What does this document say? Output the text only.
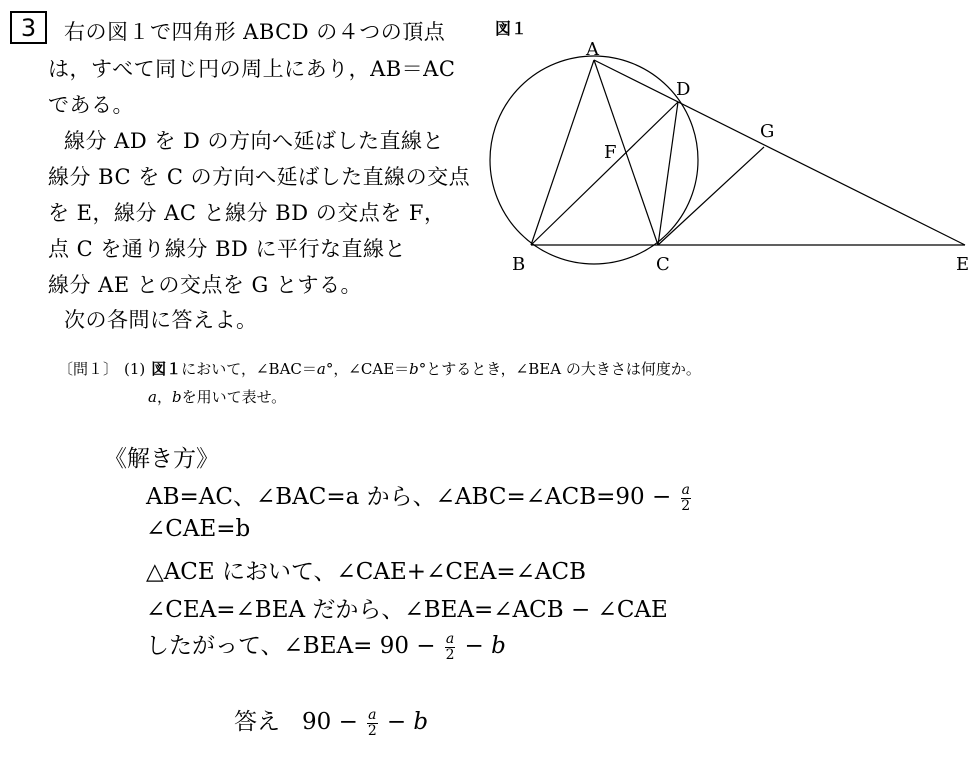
3	右の図１で四角形 ABCD の４つの頂点
は，すべて同じ円の周上にあり，AB＝AC
である。
線分 AD を D の方向へ延ばした直線と
線分 BC を C の方向へ延ばした直線の交点
を E，線分 AC と線分 BD の交点を F，
点 C を通り線分 BD に平行な直線と
線分 AE との交点を G とする。
次の各問に答えよ。
図１
A
B	C
D
E
F
G
〔問１〕 (1) 図１において，∠BAC＝a°，∠CAE＝b°とするとき，∠BEA の大きさは何度か。
a，bを用いて表せ。
《解き方》
AB=AC、∠BAC=a から、∠ABC=∠ACB=90 − $\frac{a}{2}$
∠CAE=b
△ACE において、∠CAE+∠CEA=∠ACB
∠CEA=∠BEA だから、∠BEA=∠ACB − ∠CAE
したがって、∠BEA= $90 - \frac{a}{2} - b$
答え $90 - \frac{a}{2} - b$
